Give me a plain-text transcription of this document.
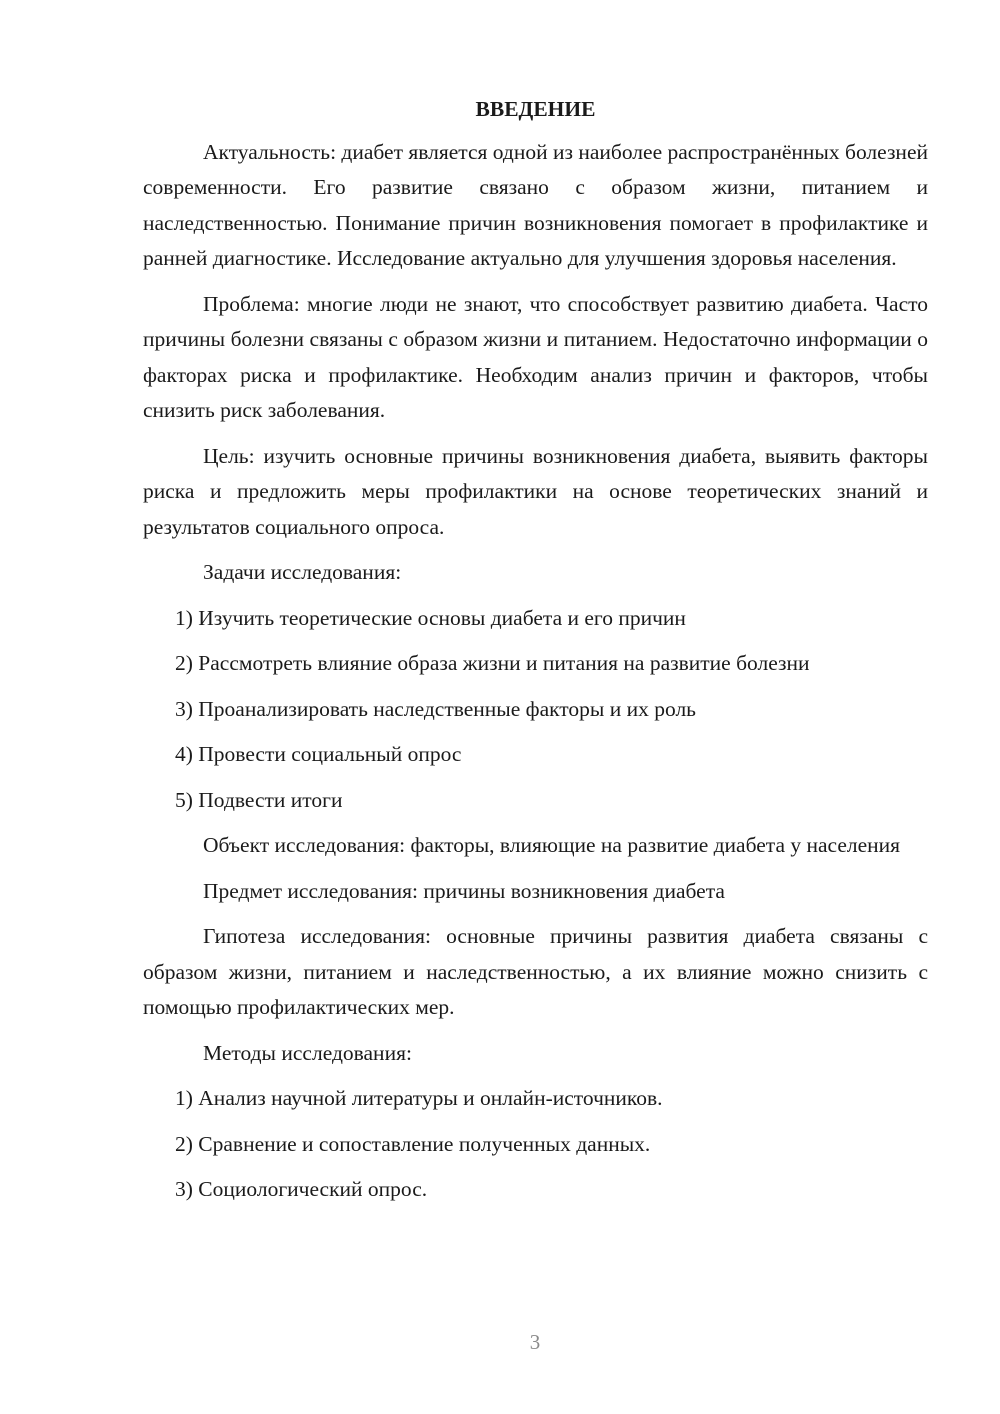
ВВЕДЕНИЕ

Актуальность: диабет является одной из наиболее распространённых болезней современности. Его развитие связано с образом жизни, питанием и наследственностью. Понимание причин возникновения помогает в профилактике и ранней диагностике. Исследование актуально для улучшения здоровья населения.

Проблема: многие люди не знают, что способствует развитию диабета. Часто причины болезни связаны с образом жизни и питанием. Недостаточно информации о факторах риска и профилактике. Необходим анализ причин и факторов, чтобы снизить риск заболевания.

Цель: изучить основные причины возникновения диабета, выявить факторы риска и предложить меры профилактики на основе теоретических знаний и результатов социального опроса.

Задачи исследования:

1) Изучить теоретические основы диабета и его причин
2) Рассмотреть влияние образа жизни и питания на развитие болезни
3) Проанализировать наследственные факторы и их роль
4) Провести социальный опрос
5) Подвести итоги

Объект исследования: факторы, влияющие на развитие диабета у населения

Предмет исследования: причины возникновения диабета

Гипотеза исследования: основные причины развития диабета связаны с образом жизни, питанием и наследственностью, а их влияние можно снизить с помощью профилактических мер.

Методы исследования:

1) Анализ научной литературы и онлайн-источников.
2) Сравнение и сопоставление полученных данных.
3) Социологический опрос.
3
